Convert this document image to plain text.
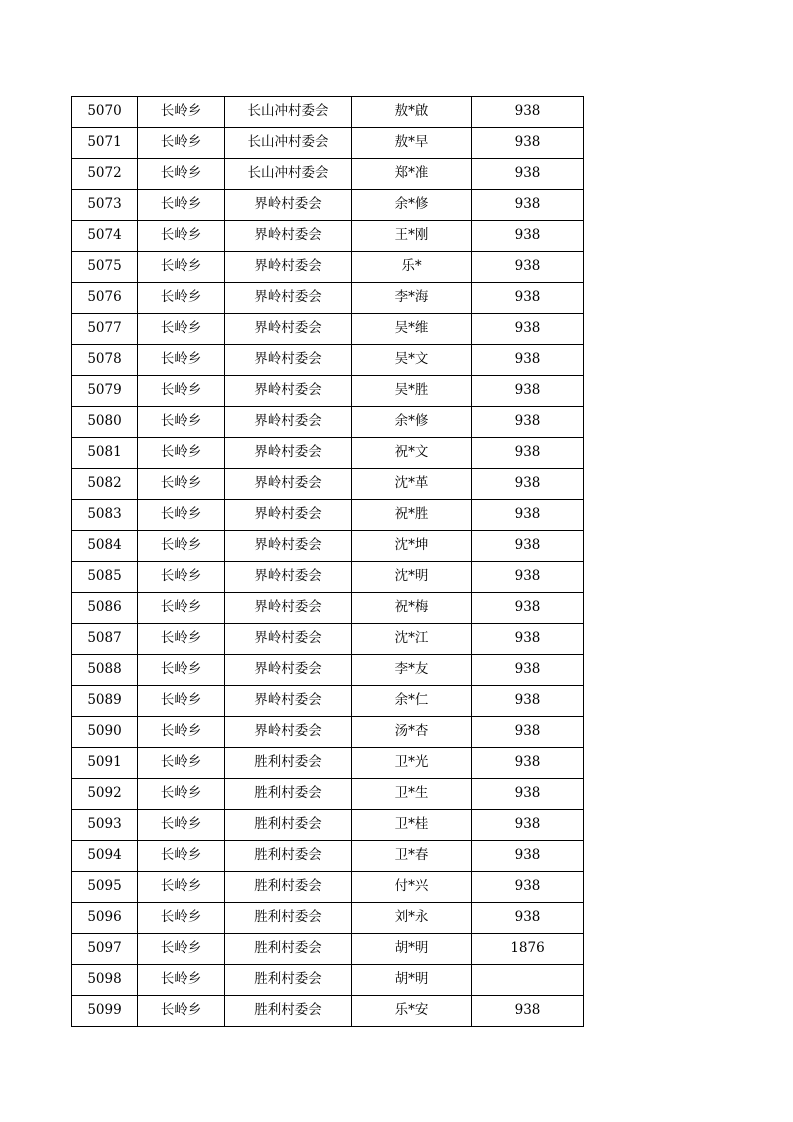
5070	长岭乡	长山冲村委会	敖*啟	938
5071	长岭乡	长山冲村委会	敖*早	938
5072	长岭乡	长山冲村委会	郑*准	938
5073	长岭乡	界岭村委会	余*修	938
5074	长岭乡	界岭村委会	王*刚	938
5075	长岭乡	界岭村委会	乐*	938
5076	长岭乡	界岭村委会	李*海	938
5077	长岭乡	界岭村委会	吴*维	938
5078	长岭乡	界岭村委会	吴*文	938
5079	长岭乡	界岭村委会	吴*胜	938
5080	长岭乡	界岭村委会	余*修	938
5081	长岭乡	界岭村委会	祝*文	938
5082	长岭乡	界岭村委会	沈*革	938
5083	长岭乡	界岭村委会	祝*胜	938
5084	长岭乡	界岭村委会	沈*坤	938
5085	长岭乡	界岭村委会	沈*明	938
5086	长岭乡	界岭村委会	祝*梅	938
5087	长岭乡	界岭村委会	沈*江	938
5088	长岭乡	界岭村委会	李*友	938
5089	长岭乡	界岭村委会	余*仁	938
5090	长岭乡	界岭村委会	汤*杏	938
5091	长岭乡	胜利村委会	卫*光	938
5092	长岭乡	胜利村委会	卫*生	938
5093	长岭乡	胜利村委会	卫*桂	938
5094	长岭乡	胜利村委会	卫*春	938
5095	长岭乡	胜利村委会	付*兴	938
5096	长岭乡	胜利村委会	刘*永	938
5097	长岭乡	胜利村委会	胡*明	1876
5098	长岭乡	胜利村委会	胡*明	
5099	长岭乡	胜利村委会	乐*安	938
